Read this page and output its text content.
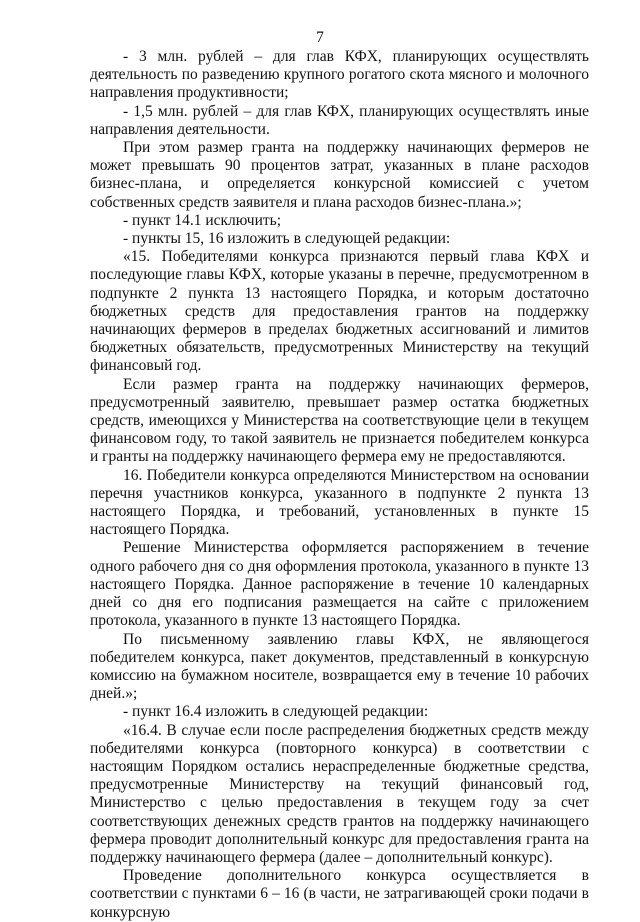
7

- 3 млн. рублей – для глав КФХ, планирующих осуществлять деятельность по разведению крупного рогатого скота мясного и молочного направления продуктивности;

- 1,5 млн. рублей – для глав КФХ, планирующих осуществлять иные направления деятельности.

При этом размер гранта на поддержку начинающих фермеров не может превышать 90 процентов затрат, указанных в плане расходов бизнес-плана, и определяется конкурсной комиссией с учетом собственных средств заявителя и плана расходов бизнес-плана.»;

- пункт 14.1 исключить;

- пункты 15, 16 изложить в следующей редакции:

«15. Победителями конкурса признаются первый глава КФХ и последующие главы КФХ, которые указаны в перечне, предусмотренном в подпункте 2 пункта 13 настоящего Порядка, и которым достаточно бюджетных средств для предоставления грантов на поддержку начинающих фермеров в пределах бюджетных ассигнований и лимитов бюджетных обязательств, предусмотренных Министерству на текущий финансовый год.

Если размер гранта на поддержку начинающих фермеров, предусмотренный заявителю, превышает размер остатка бюджетных средств, имеющихся у Министерства на соответствующие цели в текущем финансовом году, то такой заявитель не признается победителем конкурса и гранты на поддержку начинающего фермера ему не предоставляются.

16. Победители конкурса определяются Министерством на основании перечня участников конкурса, указанного в подпункте 2 пункта 13 настоящего Порядка, и требований, установленных в пункте 15 настоящего Порядка.

Решение Министерства оформляется распоряжением в течение одного рабочего дня со дня оформления протокола, указанного в пункте 13 настоящего Порядка. Данное распоряжение в течение 10 календарных дней со дня его подписания размещается на сайте с приложением протокола, указанного в пункте 13 настоящего Порядка.

По письменному заявлению главы КФХ, не являющегося победителем конкурса, пакет документов, представленный в конкурсную комиссию на бумажном носителе, возвращается ему в течение 10 рабочих дней.»;

- пункт 16.4 изложить в следующей редакции:

«16.4. В случае если после распределения бюджетных средств между победителями конкурса (повторного конкурса) в соответствии с настоящим Порядком остались нераспределенные бюджетные средства, предусмотренные Министерству на текущий финансовый год, Министерство с целью предоставления в текущем году за счет соответствующих денежных средств грантов на поддержку начинающего фермера проводит дополнительный конкурс для предоставления гранта на поддержку начинающего фермера (далее – дополнительный конкурс).

Проведение дополнительного конкурса осуществляется в соответствии с пунктами 6 – 16 (в части, не затрагивающей сроки подачи в конкурсную
